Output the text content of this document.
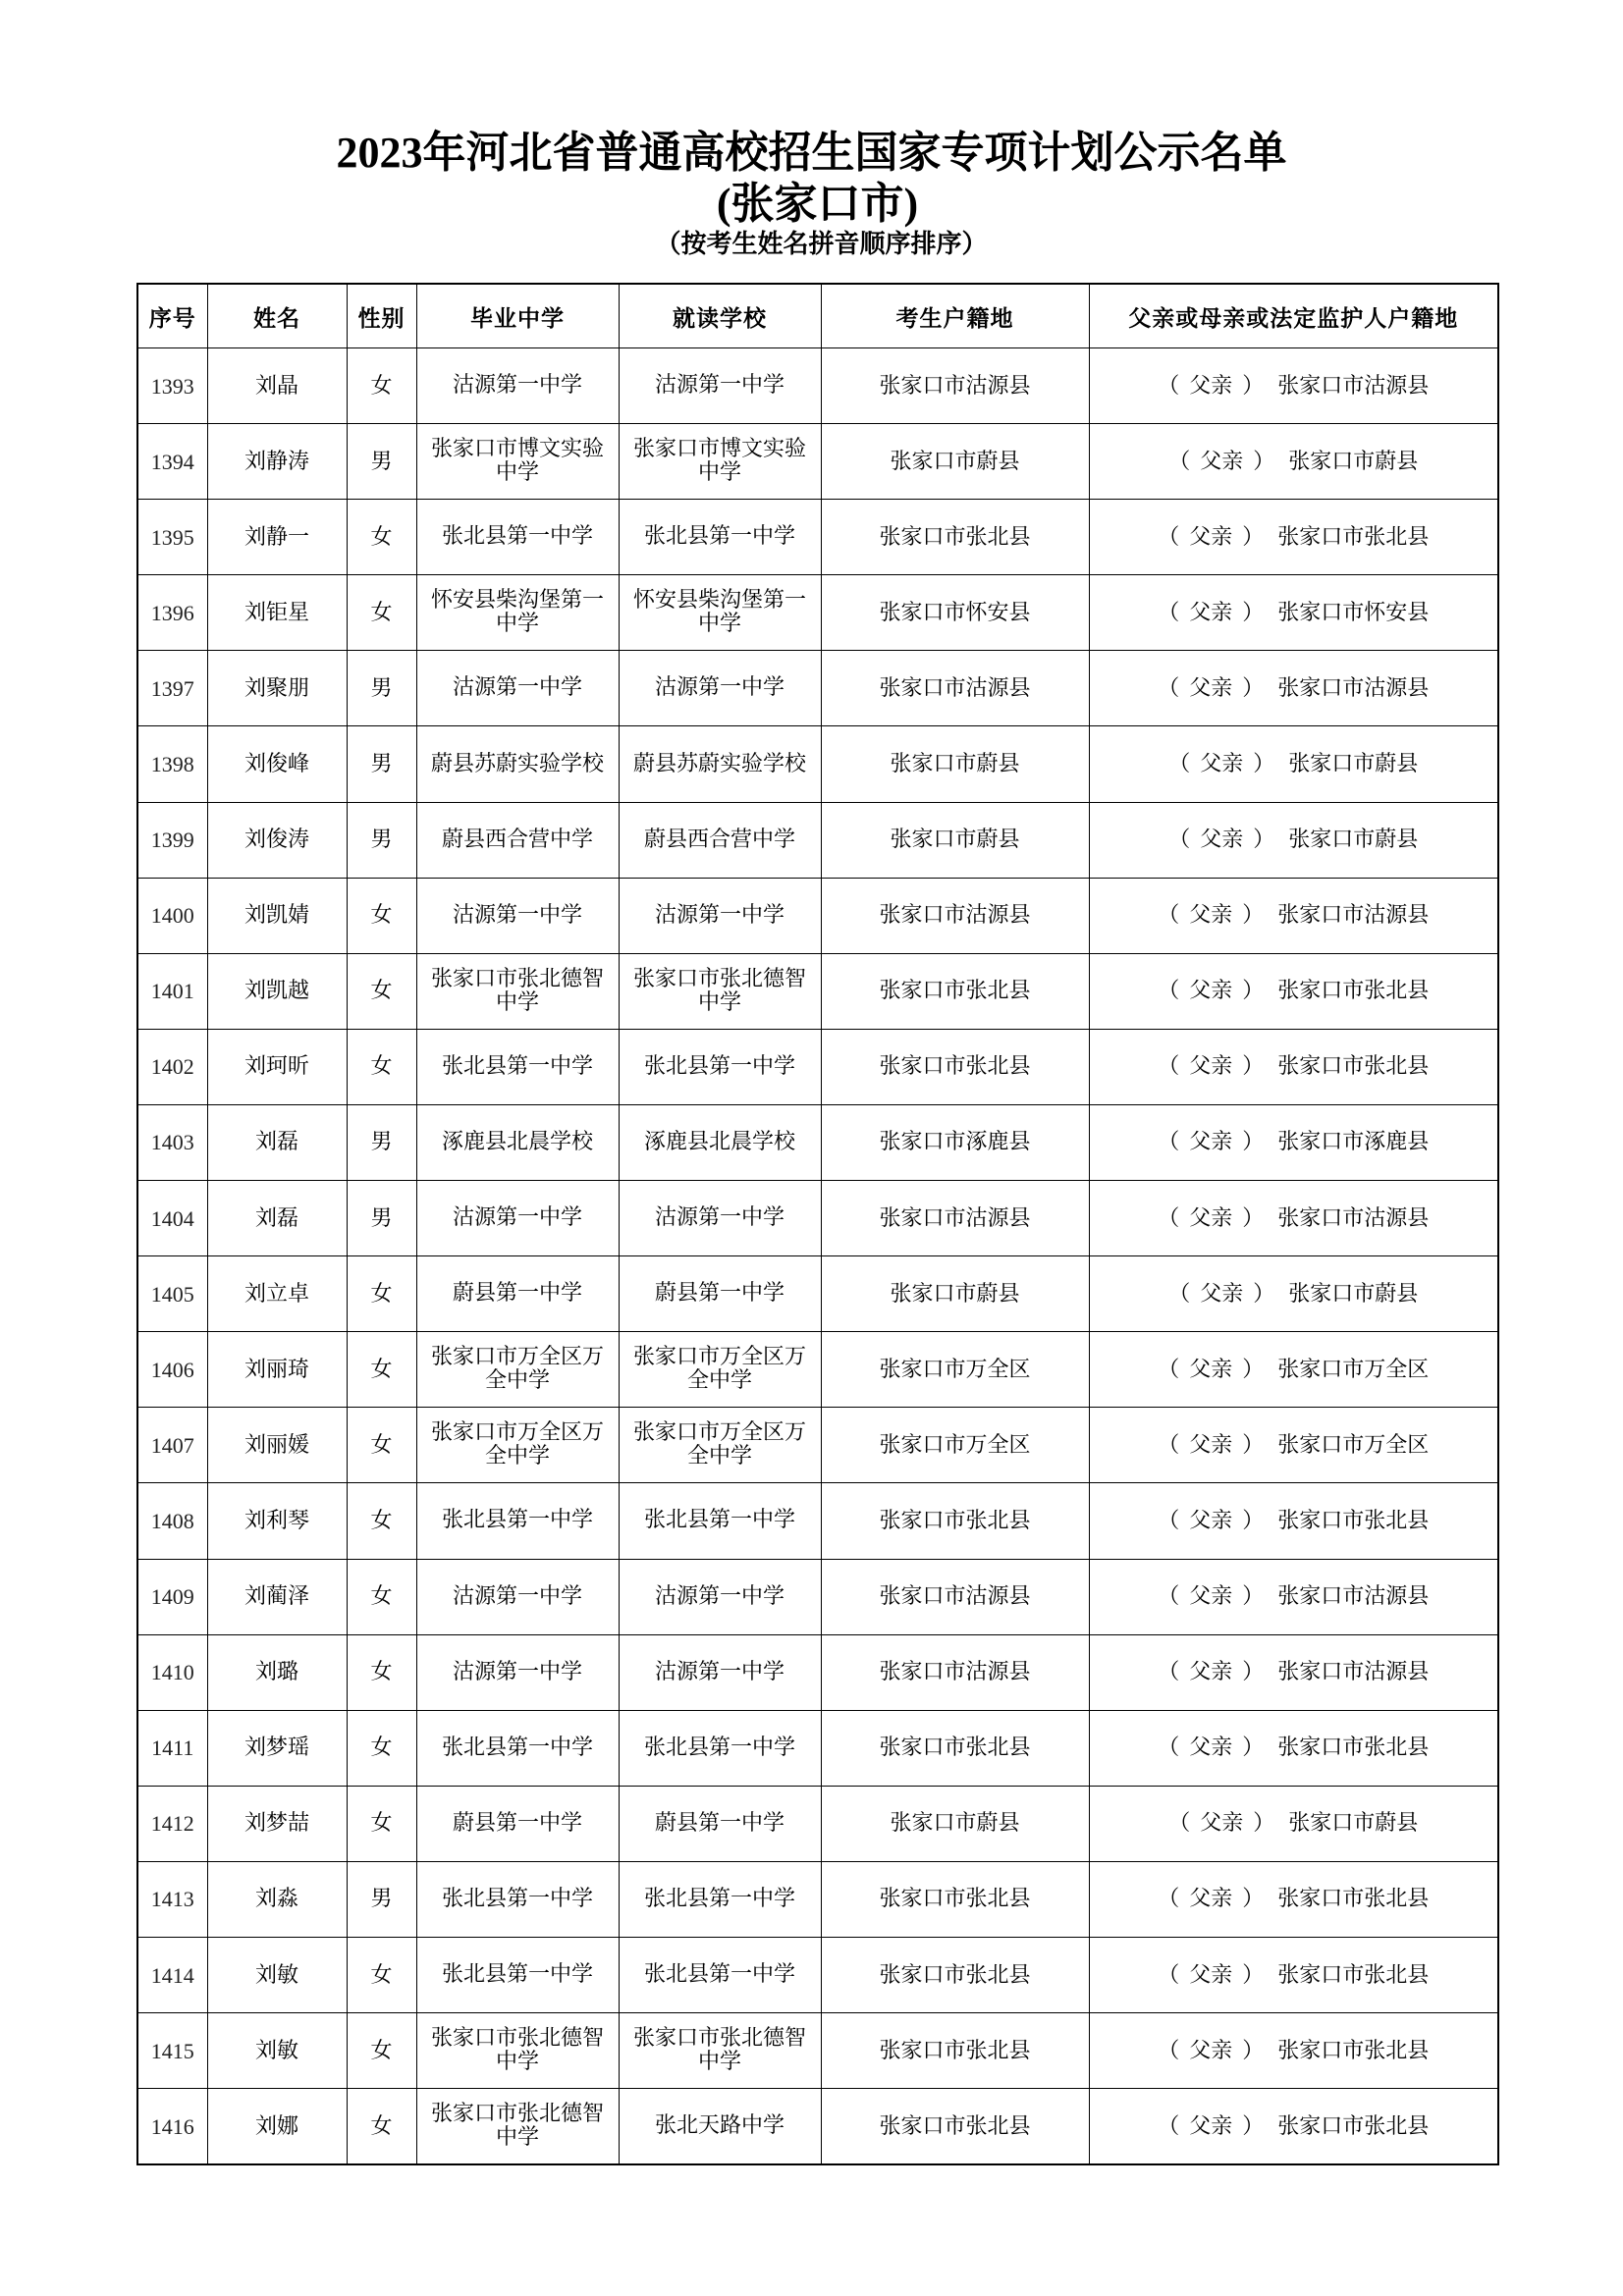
2023年河北省普通高校招生国家专项计划公示名单
(张家口市)
（按考生姓名拼音顺序排序）
序号	姓名	性别	毕业中学	就读学校	考生户籍地	父亲或母亲或法定监护人户籍地
1393	刘晶	女	沽源第一中学	沽源第一中学	张家口市沽源县	（ 父亲 ） 张家口市沽源县
1394	刘静涛	男	张家口市博文实验中学	张家口市博文实验中学	张家口市蔚县	（ 父亲 ） 张家口市蔚县
1395	刘静一	女	张北县第一中学	张北县第一中学	张家口市张北县	（ 父亲 ） 张家口市张北县
1396	刘钜星	女	怀安县柴沟堡第一中学	怀安县柴沟堡第一中学	张家口市怀安县	（ 父亲 ） 张家口市怀安县
1397	刘聚朋	男	沽源第一中学	沽源第一中学	张家口市沽源县	（ 父亲 ） 张家口市沽源县
1398	刘俊峰	男	蔚县苏蔚实验学校	蔚县苏蔚实验学校	张家口市蔚县	（ 父亲 ） 张家口市蔚县
1399	刘俊涛	男	蔚县西合营中学	蔚县西合营中学	张家口市蔚县	（ 父亲 ） 张家口市蔚县
1400	刘凯婧	女	沽源第一中学	沽源第一中学	张家口市沽源县	（ 父亲 ） 张家口市沽源县
1401	刘凯越	女	张家口市张北德智中学	张家口市张北德智中学	张家口市张北县	（ 父亲 ） 张家口市张北县
1402	刘珂昕	女	张北县第一中学	张北县第一中学	张家口市张北县	（ 父亲 ） 张家口市张北县
1403	刘磊	男	涿鹿县北晨学校	涿鹿县北晨学校	张家口市涿鹿县	（ 父亲 ） 张家口市涿鹿县
1404	刘磊	男	沽源第一中学	沽源第一中学	张家口市沽源县	（ 父亲 ） 张家口市沽源县
1405	刘立卓	女	蔚县第一中学	蔚县第一中学	张家口市蔚县	（ 父亲 ） 张家口市蔚县
1406	刘丽琦	女	张家口市万全区万全中学	张家口市万全区万全中学	张家口市万全区	（ 父亲 ） 张家口市万全区
1407	刘丽媛	女	张家口市万全区万全中学	张家口市万全区万全中学	张家口市万全区	（ 父亲 ） 张家口市万全区
1408	刘利琴	女	张北县第一中学	张北县第一中学	张家口市张北县	（ 父亲 ） 张家口市张北县
1409	刘蔺泽	女	沽源第一中学	沽源第一中学	张家口市沽源县	（ 父亲 ） 张家口市沽源县
1410	刘璐	女	沽源第一中学	沽源第一中学	张家口市沽源县	（ 父亲 ） 张家口市沽源县
1411	刘梦瑶	女	张北县第一中学	张北县第一中学	张家口市张北县	（ 父亲 ） 张家口市张北县
1412	刘梦喆	女	蔚县第一中学	蔚县第一中学	张家口市蔚县	（ 父亲 ） 张家口市蔚县
1413	刘淼	男	张北县第一中学	张北县第一中学	张家口市张北县	（ 父亲 ） 张家口市张北县
1414	刘敏	女	张北县第一中学	张北县第一中学	张家口市张北县	（ 父亲 ） 张家口市张北县
1415	刘敏	女	张家口市张北德智中学	张家口市张北德智中学	张家口市张北县	（ 父亲 ） 张家口市张北县
1416	刘娜	女	张家口市张北德智中学	张北天路中学	张家口市张北县	（ 父亲 ） 张家口市张北县
